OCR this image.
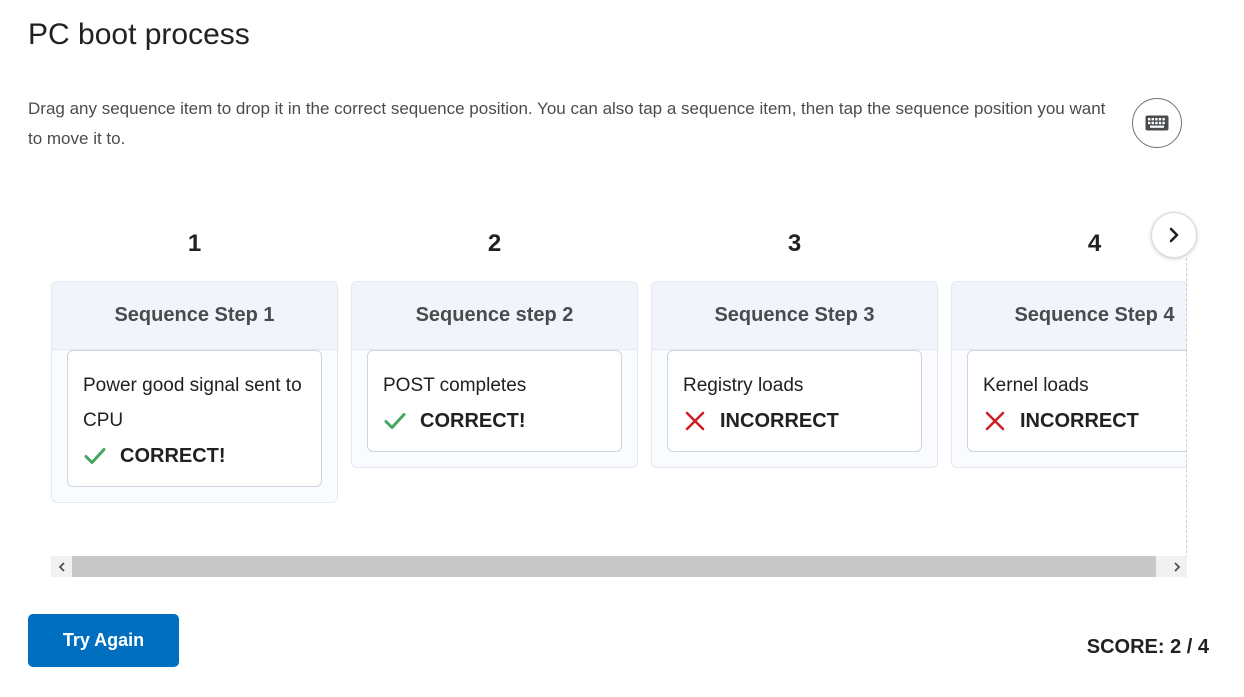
PC boot process

Drag any sequence item to drop it in the correct sequence position. You can also tap a sequence item, then tap the sequence position you want to move it to.

1
Sequence Step 1
Power good signal sent to CPU
CORRECT!
2
Sequence step 2
POST completes
CORRECT!
3
Sequence Step 3
Registry loads
INCORRECT
4
Sequence Step 4
Kernel loads
INCORRECT
Try Again	SCORE: 2 / 4
